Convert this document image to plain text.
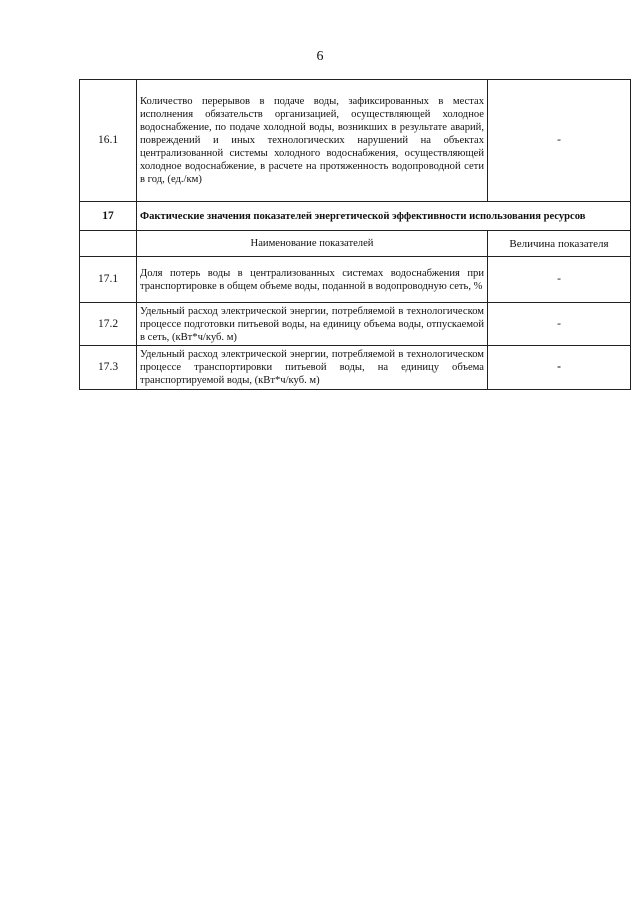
6
16.1	Количество перерывов в подаче воды, зафиксированных в местах исполнения обязательств организацией, осуществляющей холодное водоснабжение, по подаче холодной воды, возникших в результате аварий, повреждений и иных технологических нарушений на объектах централизованной системы холодного водоснабжения, осуществляющей холодное водоснабжение, в расчете на протяженность водопроводной сети в год, (ед./км)	-
17	Фактические значения показателей энергетической эффективности использования ресурсов	
	Наименование показателей	Величина показателя
17.1	Доля потерь воды в централизованных системах водоснабжения при транспортировке в общем объеме воды, поданной в водопроводную сеть, %	-
17.2	Удельный расход электрической энергии, потребляемой в технологическом процессе подготовки питьевой воды, на единицу объема воды, отпускаемой в сеть, (кВт*ч/куб. м)	-
17.3	Удельный расход электрической энергии, потребляемой в технологическом процессе транспортировки питьевой воды, на единицу объема транспортируемой воды, (кВт*ч/куб. м)	-
